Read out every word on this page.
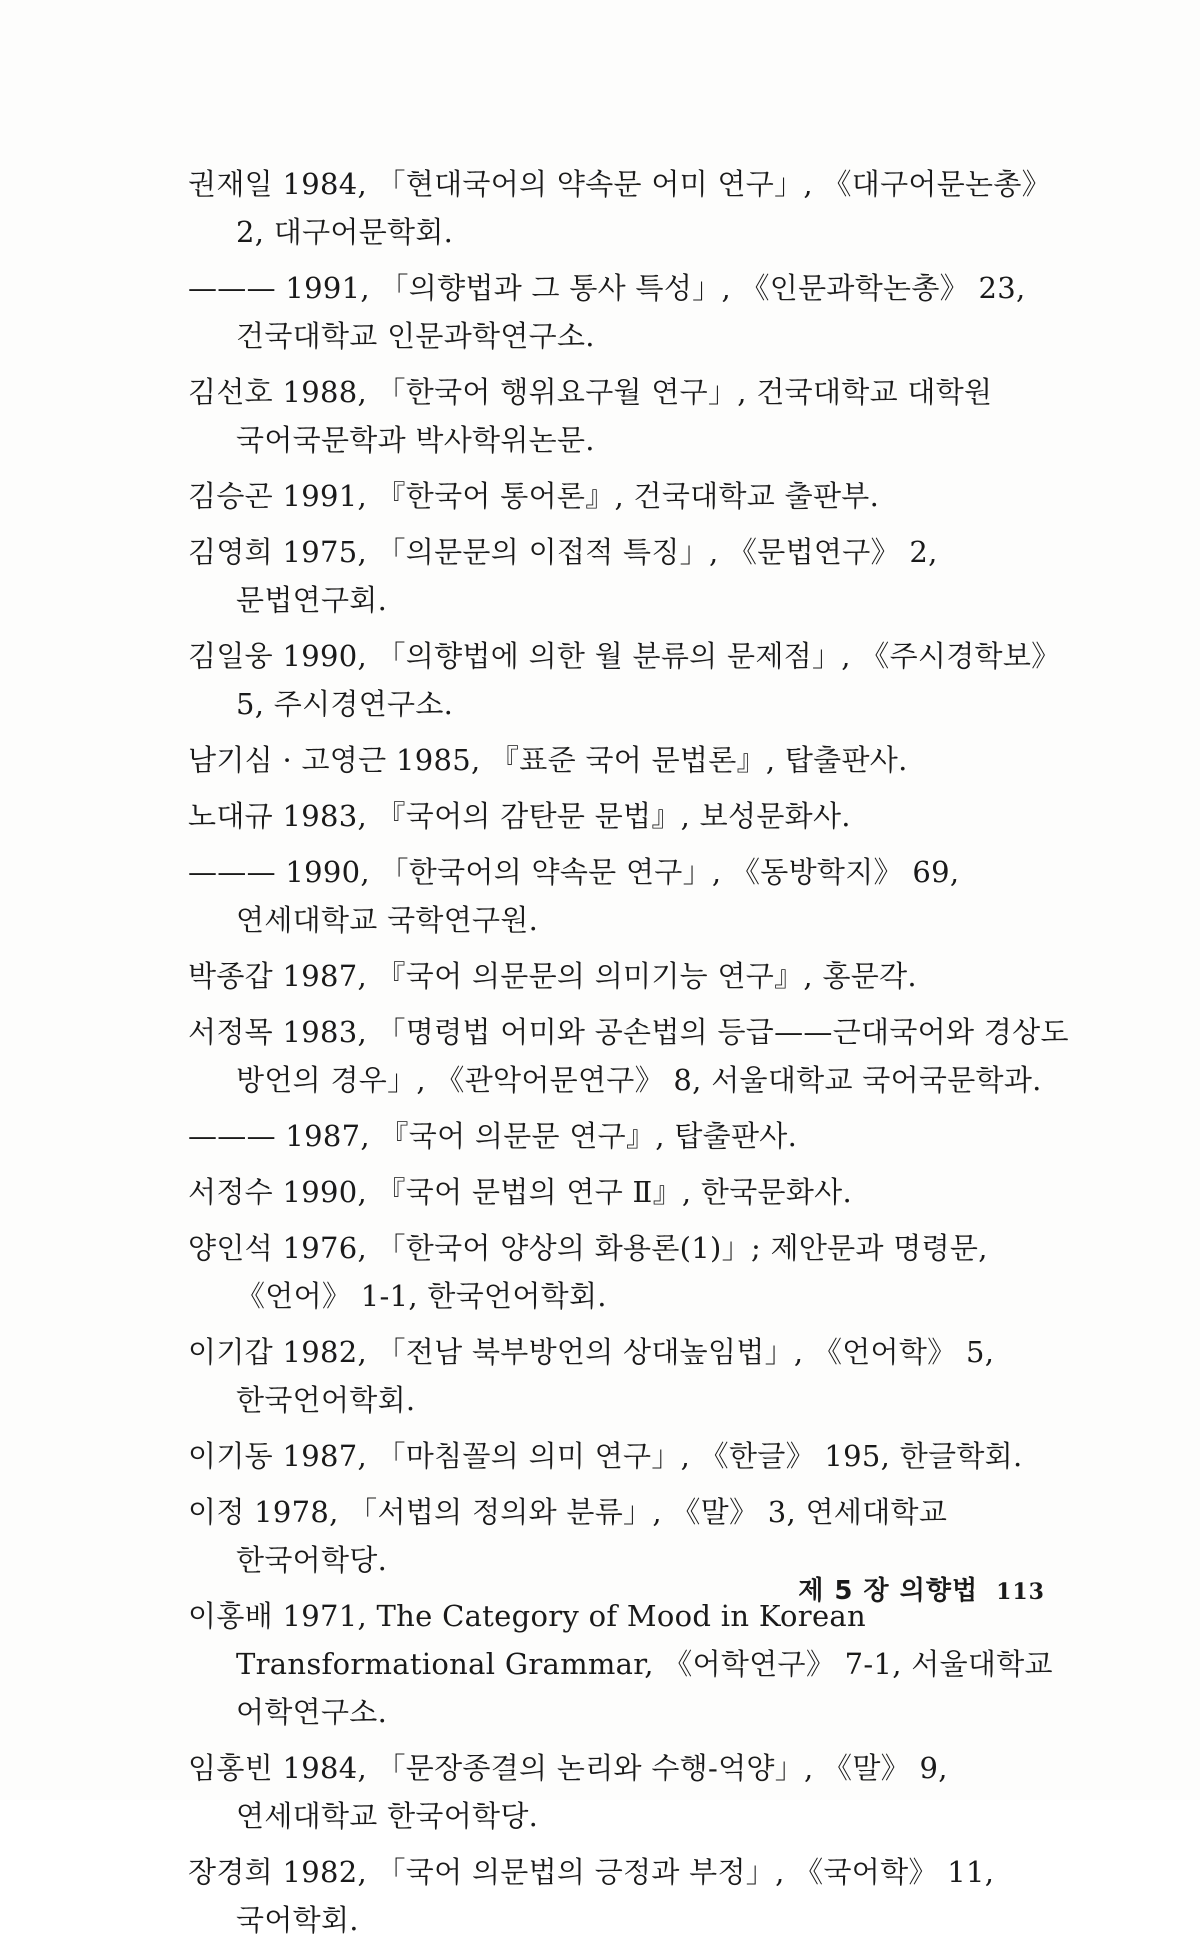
권재일 1984, 「현대국어의 약속문 어미 연구」, 《대구어문논총》 2, 대구어문학회.
——— 1991, 「의향법과 그 통사 특성」, 《인문과학논총》 23, 건국대학교 인문과학연구소.
김선호 1988, 「한국어 행위요구월 연구」, 건국대학교 대학원 국어국문학과 박사학위논문.
김승곤 1991, 『한국어 통어론』, 건국대학교 출판부.
김영희 1975, 「의문문의 이접적 특징」, 《문법연구》 2, 문법연구회.
김일웅 1990, 「의향법에 의한 월 분류의 문제점」, 《주시경학보》 5, 주시경연구소.
남기심 · 고영근 1985, 『표준 국어 문법론』, 탑출판사.
노대규 1983, 『국어의 감탄문 문법』, 보성문화사.
——— 1990, 「한국어의 약속문 연구」, 《동방학지》 69, 연세대학교 국학연구원.
박종갑 1987, 『국어 의문문의 의미기능 연구』, 홍문각.
서정목 1983, 「명령법 어미와 공손법의 등급——근대국어와 경상도 방언의 경우」, 《관악어문연구》 8, 서울대학교 국어국문학과.
——— 1987, 『국어 의문문 연구』, 탑출판사.
서정수 1990, 『국어 문법의 연구 Ⅱ』, 한국문화사.
양인석 1976, 「한국어 양상의 화용론(1)」; 제안문과 명령문, 《언어》 1-1, 한국언어학회.
이기갑 1982, 「전남 북부방언의 상대높임법」, 《언어학》 5, 한국언어학회.
이기동 1987, 「마침꼴의 의미 연구」, 《한글》 195, 한글학회.
이정 1978, 「서법의 정의와 분류」, 《말》 3, 연세대학교 한국어학당.
이홍배 1971, The Category of Mood in Korean Transformational Grammar, 《어학연구》 7-1, 서울대학교 어학연구소.
임홍빈 1984, 「문장종결의 논리와 수행-억양」, 《말》 9, 연세대학교 한국어학당.
장경희 1982, 「국어 의문법의 긍정과 부정」, 《국어학》 11, 국어학회.
제 5 장 의향법 113
